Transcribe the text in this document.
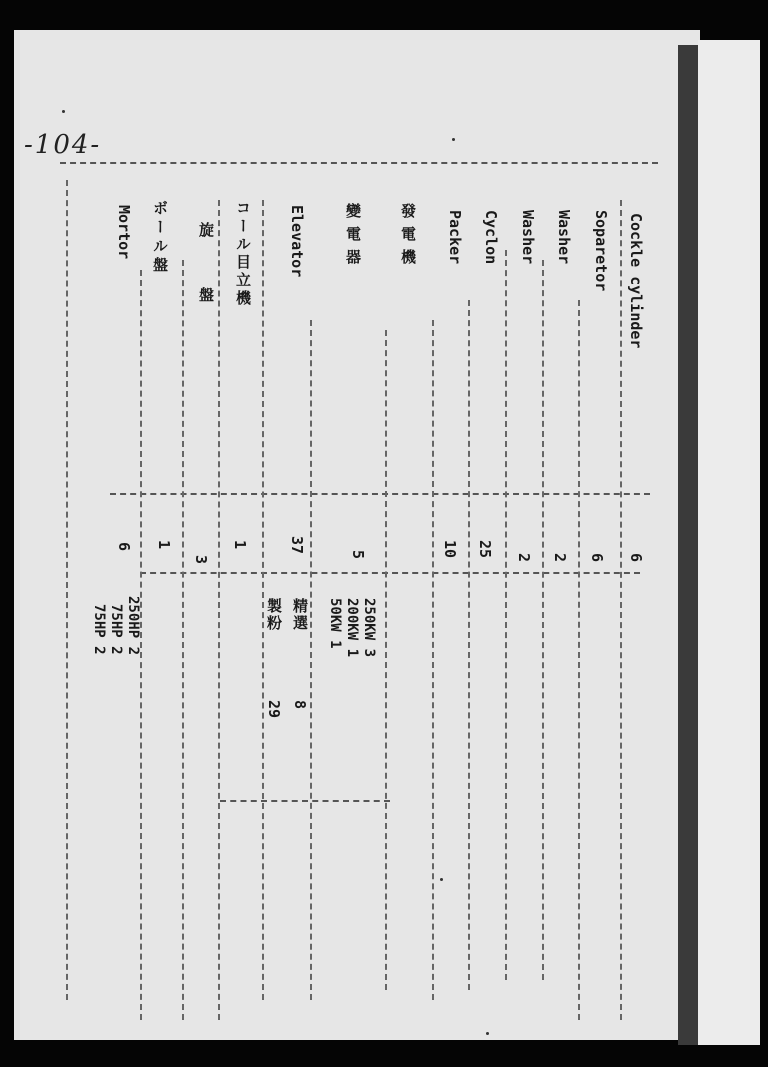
-104-
Cockle cylinder
6
Soparetor
6
Washer
2
Washer
2
Cyclon
25
Packer
10
發電機
250KW 3
200KW 1
50KW 1
變電器
5
精選
製粉
8
29
Elevator
37
コール目立機
1
旋盤
3
ボール盤
1
Mortor
6
250HP 2
75HP 2
75HP 2
